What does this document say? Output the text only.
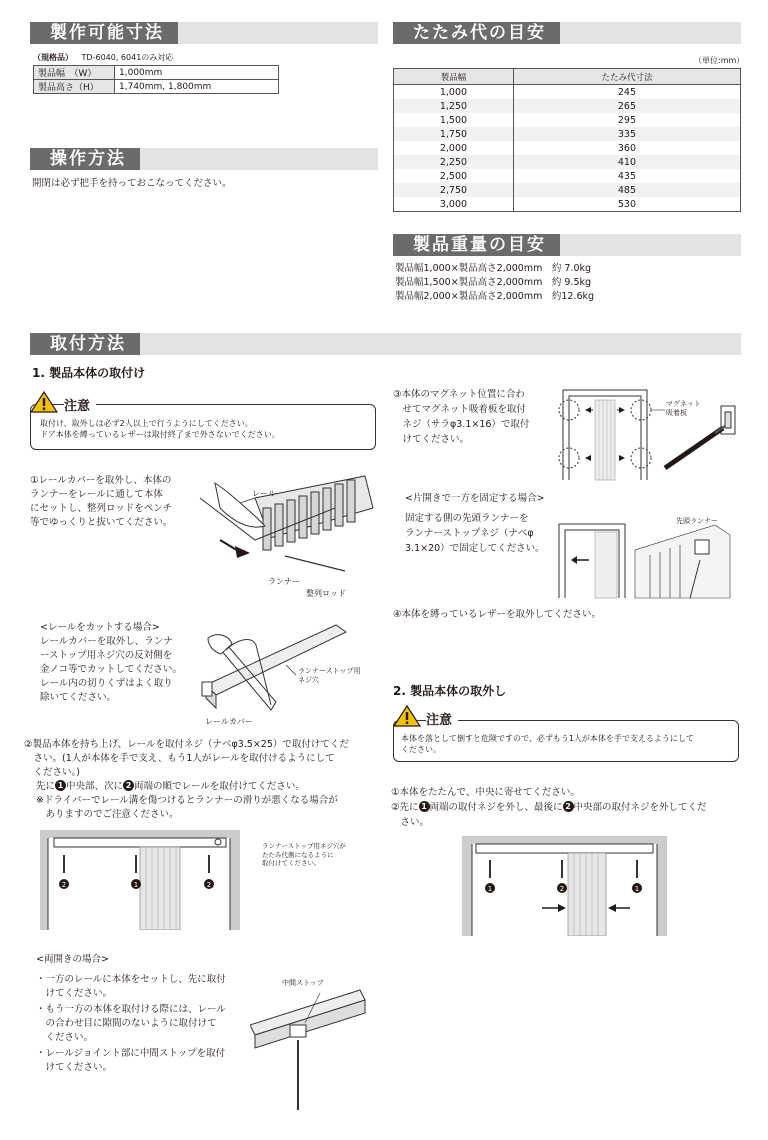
製作可能寸法	たたみ代の目安
操作方法
製品重量の目安
取付方法
（規格品） TD-6040, 6041のみ対応
製品幅　（W）	1,000mm
製品高さ（H）	1,740mm, 1,800mm
開閉は必ず把手を持っておこなってください。
（単位:mm）
製品幅	たたみ代寸法
1,000	245
1,250	265
1,500	295
1,750	335
2,000	360
2,250	410
2,500	435
2,750	485
3,000	530
製品幅1,000×製品高さ2,000mm　約 7.0kg
製品幅1,500×製品高さ2,000mm　約 9.5kg
製品幅2,000×製品高さ2,000mm　約12.6kg
1. 製品本体の取付け
注意
取付け、取外しは必ず2人以上で行うようにしてください。
ドア本体を縛っているレザーは取付終了まで外さないでください。
①レールカバーを取外し、本体の
ランナーをレールに通して本体
にセットし、整列ロッドをペンチ
等でゆっくりと抜いてください。
レール
ランナー
整列ロッド
<レールをカットする場合>
レールカバーを取外し、ランナ
ーストップ用ネジ穴の反対側を
金ノコ等でカットしてください。
レール内の切りくずはよく取り
除いてください。
ランナーストップ用
ネジ穴
レールカバー
②製品本体を持ち上げ、レールを取付ネジ（ナベφ3.5×25）で取付けてくだ
　さい。(1人が本体を手で支え、もう1人がレールを取付けるようにして
　ください。)
先に 1 中央部、次に 2 両端の順でレールを取付けてください。
※ドライバーでレール溝を傷つけるとランナーの滑りが悪くなる場合が
　ありますのでご注意ください。
2	1	2
ランナーストップ用ネジ穴が
たたみ代側になるように
取付けてください。
<両開きの場合>
・一方のレールに本体をセットし、先に取付
　けてください。
・もう一方の本体を取付ける際には、レール
　の合わせ目に隙間のないように取付けて
　ください。
・レールジョイント部に中間ストップを取付
　けてください。
中間ストップ
③本体のマグネット位置に合わ
　せてマグネット吸着板を取付
　ネジ（サラφ3.1×16）で取付
　けてください。
マグネット
吸着板
<片開きで一方を固定する場合>
固定する側の先頭ランナーを
ランナーストップネジ（ナベφ
3.1×20）で固定してください。
先頭ランナー
④本体を縛っているレザーを取外してください。
2. 製品本体の取外し
注意
本体を落として倒すと危険ですので、必ずもう1人が本体を手で支えるようにして
ください。
①本体をたたんで、中央に寄せてください。
②先に 1 両端の取付ネジを外し、最後に 2 中央部の取付ネジを外してくだ
　さい。
1	2	1
